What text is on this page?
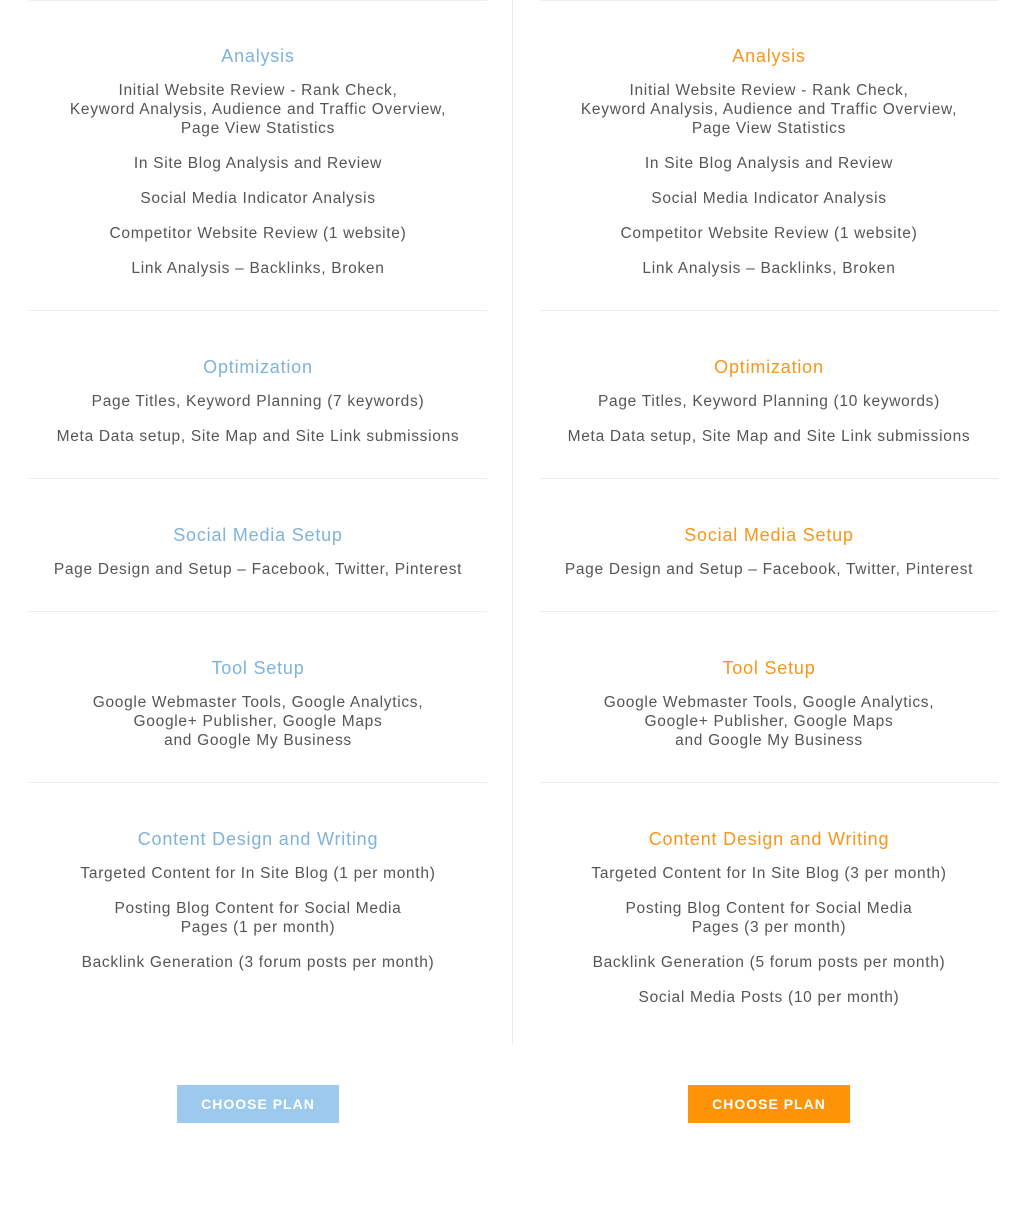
Analysis
Initial Website Review - Rank Check,
Keyword Analysis, Audience and Traffic Overview,
Page View Statistics
In Site Blog Analysis and Review
Social Media Indicator Analysis
Competitor Website Review (1 website)
Link Analysis – Backlinks, Broken
Optimization
Page Titles, Keyword Planning (7 keywords)
Meta Data setup, Site Map and Site Link submissions
Social Media Setup
Page Design and Setup – Facebook, Twitter, Pinterest
Tool Setup
Google Webmaster Tools, Google Analytics,
Google+ Publisher, Google Maps
and Google My Business
Content Design and Writing
Targeted Content for In Site Blog (1 per month)
Posting Blog Content for Social Media
Pages (1 per month)
Backlink Generation (3 forum posts per month)
Analysis
Initial Website Review - Rank Check,
Keyword Analysis, Audience and Traffic Overview,
Page View Statistics
In Site Blog Analysis and Review
Social Media Indicator Analysis
Competitor Website Review (1 website)
Link Analysis – Backlinks, Broken
Optimization
Page Titles, Keyword Planning (10 keywords)
Meta Data setup, Site Map and Site Link submissions
Social Media Setup
Page Design and Setup – Facebook, Twitter, Pinterest
Tool Setup
Google Webmaster Tools, Google Analytics,
Google+ Publisher, Google Maps
and Google My Business
Content Design and Writing
Targeted Content for In Site Blog (3 per month)
Posting Blog Content for Social Media
Pages (3 per month)
Backlink Generation (5 forum posts per month)
Social Media Posts (10 per month)
CHOOSE PLAN	CHOOSE PLAN
